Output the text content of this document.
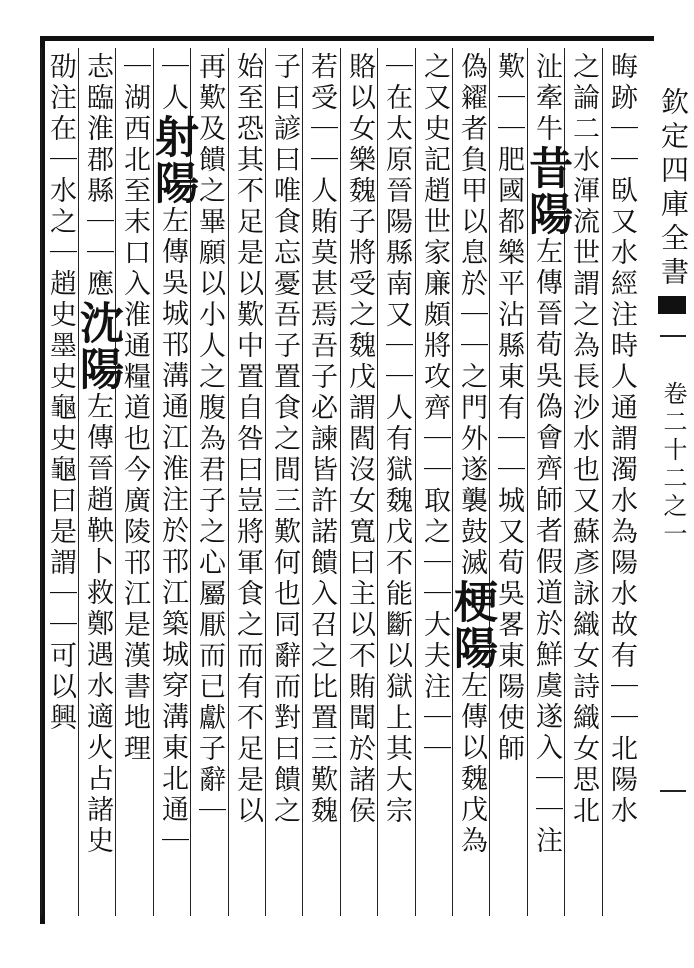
欽定四庫全書
卷二十二之一
晦跡｜｜臥又水經注時人通謂濁水為陽水故有｜｜北陽水
之論二水渾流世謂之為長沙水也又蘇彥詠織女詩織女思北
沚牽牛昔陽左傳晉荀吳偽會齊師者假道於鮮虞遂入｜｜注
歎｜｜肥國都樂平沾縣東有｜｜城又荀吳畧東陽使師
偽糴者負甲以息於｜｜之門外遂襲鼓滅梗陽左傳以魏戊為
之又史記趙世家廉頗將攻齊｜｜取之｜｜大夫注｜｜
｜在太原晉陽縣南又｜｜人有獄魏戊不能斷以獄上其大宗
賂以女樂魏子將受之魏戊謂閻沒女寬曰主以不賄聞於諸侯
若受｜｜人賄莫甚焉吾子必諫皆許諾饋入召之比置三歎魏
子曰諺曰唯食忘憂吾子置食之間三歎何也同辭而對曰饋之
始至恐其不足是以歎中置自咎曰豈將軍食之而有不足是以
再歎及饋之畢願以小人之腹為君子之心屬厭而已獻子辭｜
｜人射陽左傳吳城邗溝通江淮注於邗江築城穿溝東北通｜
｜湖西北至末口入淮通糧道也今廣陵邗江是漢書地理
志臨淮郡縣｜｜應沈陽左傳晉趙鞅卜救鄭遇水適火占諸史
劭注在｜水之｜趙史墨史龜史龜曰是謂｜｜可以興
